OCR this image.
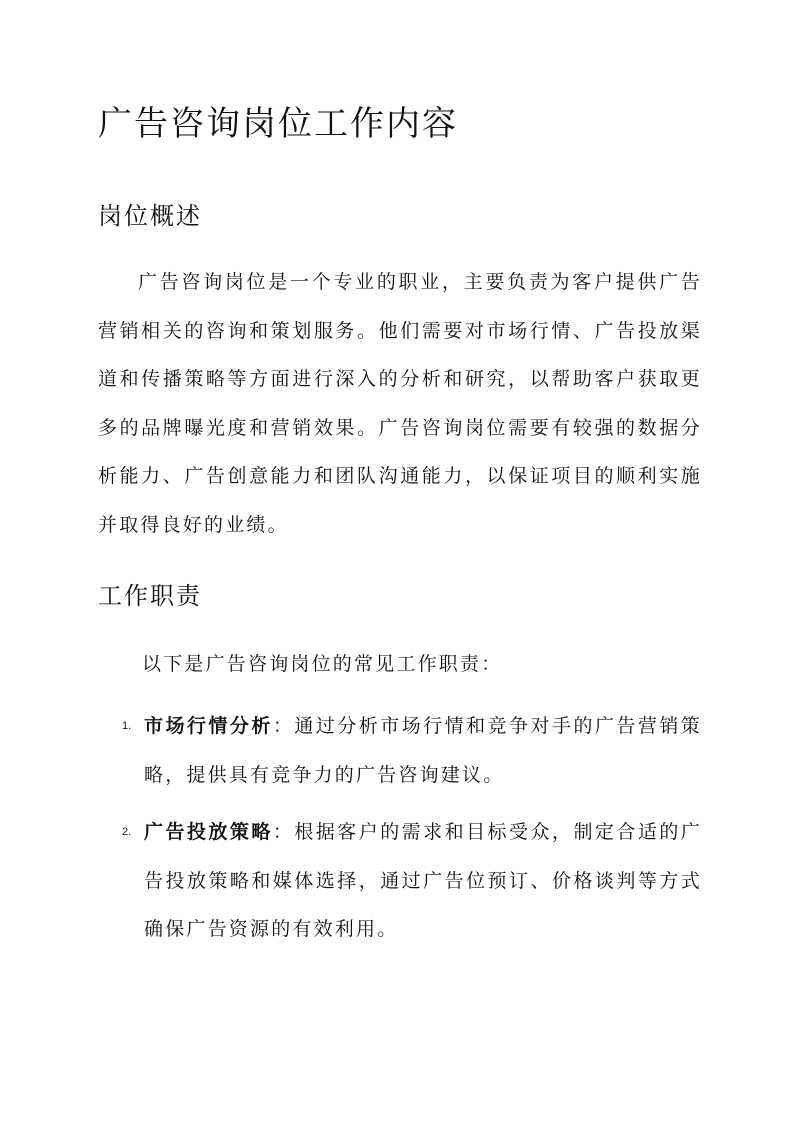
广告咨询岗位工作内容
岗位概述

广告咨询岗位是一个专业的职业，主要负责为客户提供广告营销相关的咨询和策划服务。他们需要对市场行情、广告投放渠道和传播策略等方面进行深入的分析和研究，以帮助客户获取更多的品牌曝光度和营销效果。广告咨询岗位需要有较强的数据分析能力、广告创意能力和团队沟通能力，以保证项目的顺利实施并取得良好的业绩。

工作职责

以下是广告咨询岗位的常见工作职责：

1. 市场行情分析：通过分析市场行情和竞争对手的广告营销策略，提供具有竞争力的广告咨询建议。
2. 广告投放策略：根据客户的需求和目标受众，制定合适的广告投放策略和媒体选择，通过广告位预订、价格谈判等方式确保广告资源的有效利用。
